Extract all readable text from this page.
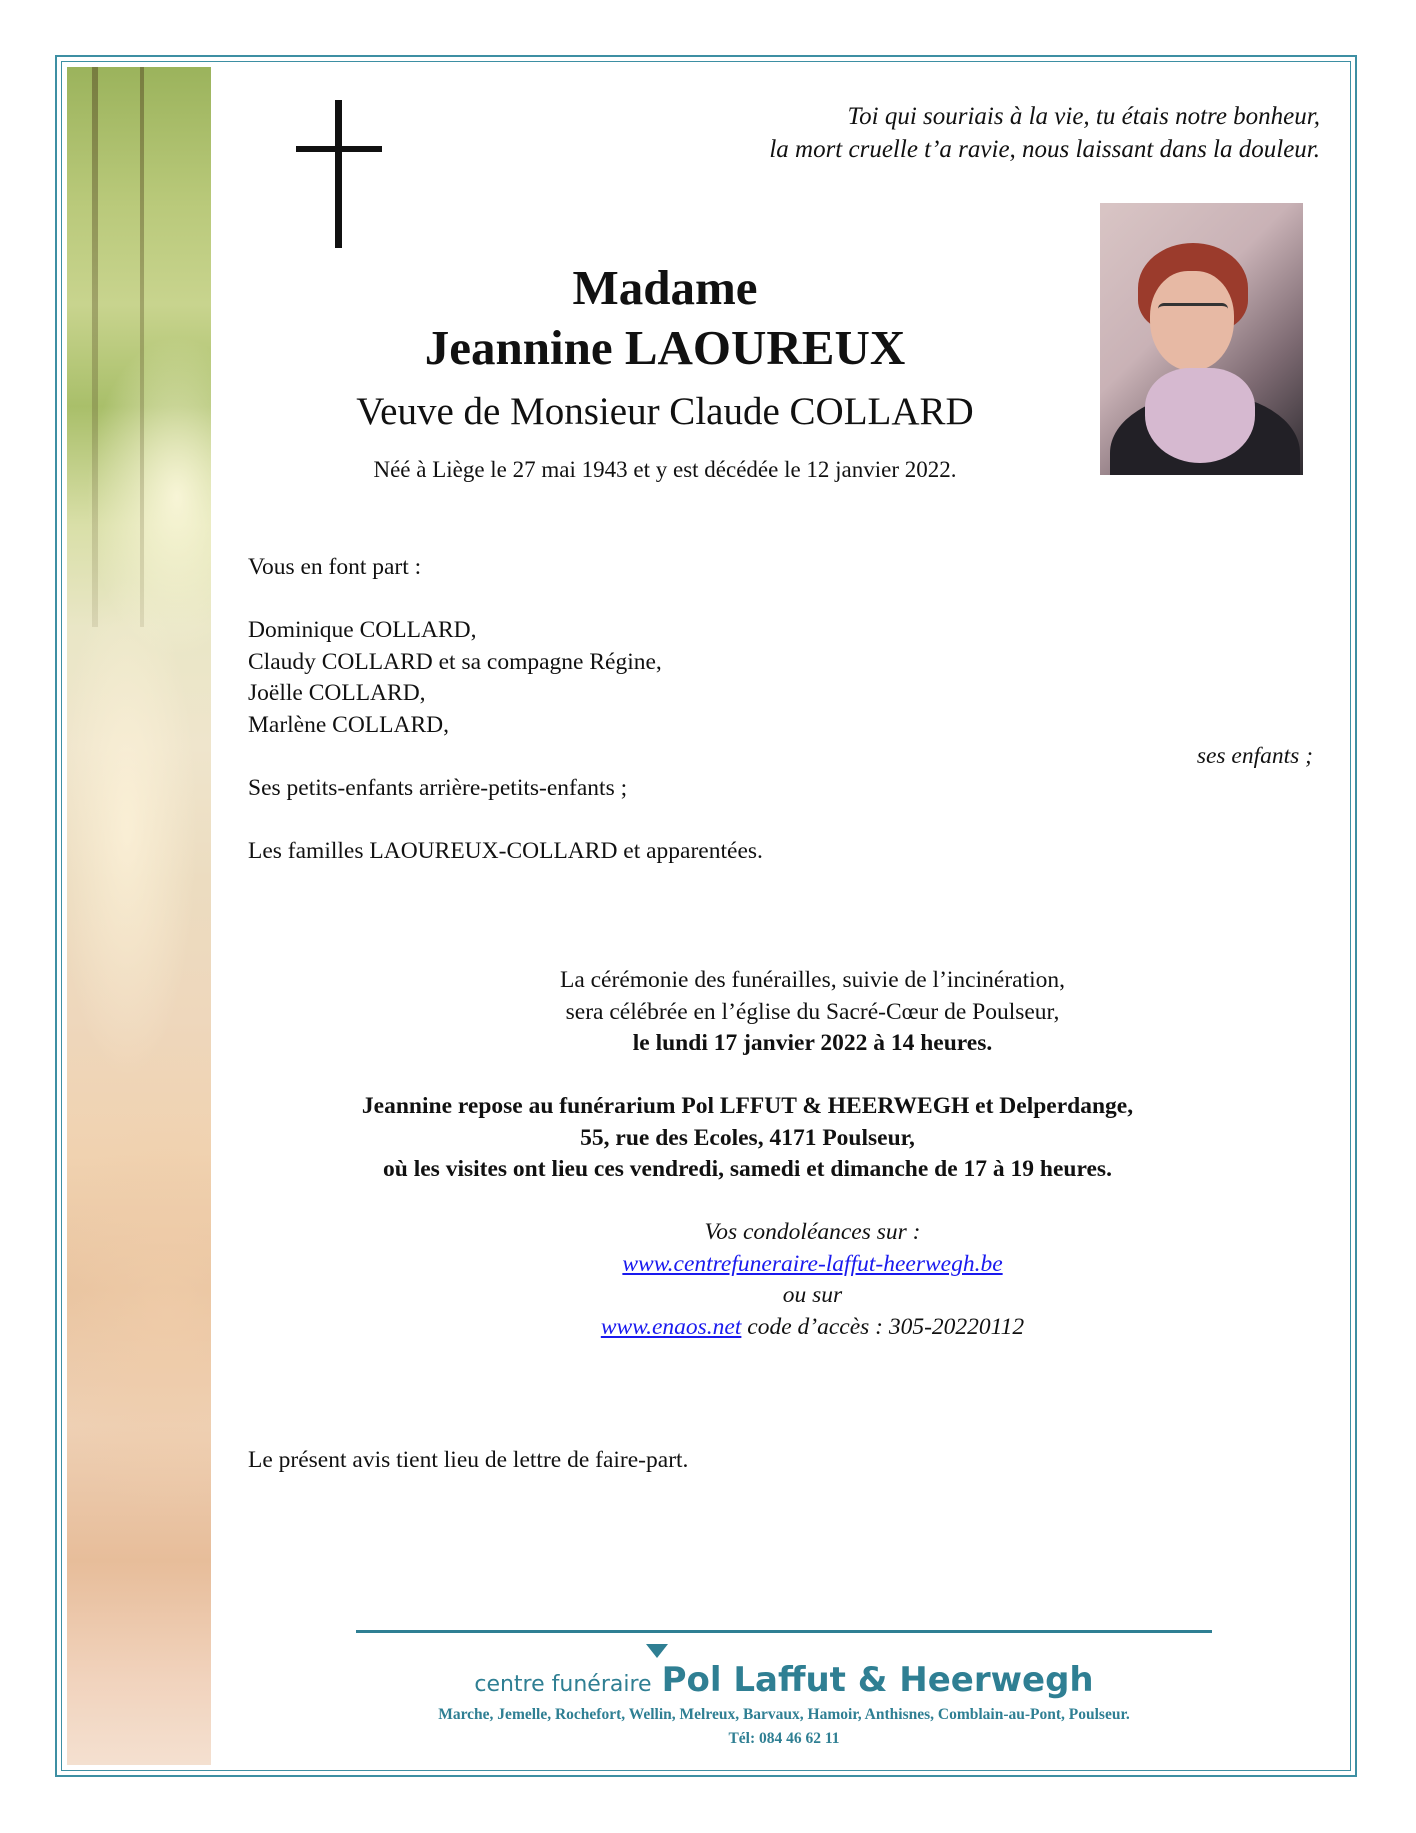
Toi qui souriais à la vie, tu étais notre bonheur,
la mort cruelle t’a ravie, nous laissant dans la douleur.
Madame
Jeannine LAOUREUX
Veuve de Monsieur Claude COLLARD
Néé à Liège le 27 mai 1943 et y est décédée le 12 janvier 2022.
Vous en font part :
Dominique COLLARD,
Claudy COLLARD et sa compagne Régine,
Joëlle COLLARD,
Marlène COLLARD,
ses enfants ;
Ses petits-enfants arrière-petits-enfants ;
Les familles LAOUREUX-COLLARD et apparentées.
La cérémonie des funérailles, suivie de l’incinération,
sera célébrée en l’église du Sacré-Cœur de Poulseur,
le lundi 17 janvier 2022 à 14 heures.
Jeannine repose au funérarium Pol LFFUT & HEERWEGH et Delperdange,
55, rue des Ecoles, 4171 Poulseur,
où les visites ont lieu ces vendredi, samedi et dimanche de 17 à 19 heures.
Vos condoléances sur :
www.centrefuneraire-laffut-heerwegh.be
ou sur
www.enaos.net code d’accès : 305-20220112
Le présent avis tient lieu de lettre de faire-part.
centre funéraire Pol Laffut & Heerwegh
Marche, Jemelle, Rochefort, Wellin, Melreux, Barvaux, Hamoir, Anthisnes, Comblain-au-Pont, Poulseur.
Tél: 084 46 62 11
